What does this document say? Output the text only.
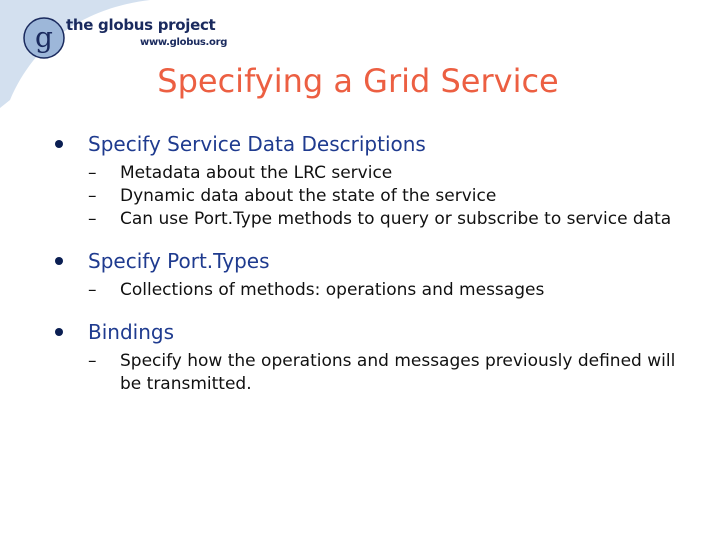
g the globus project
www.globus.org
Specifying a Grid Service
Specify Service Data Descriptions
– Metadata about the LRC service
– Dynamic data about the state of the service
– Can use Port.Type methods to query or subscribe to service data
Specify Port.Types
– Collections of methods: operations and messages
Bindings
– Specify how the operations and messages previously defined will be transmitted.
